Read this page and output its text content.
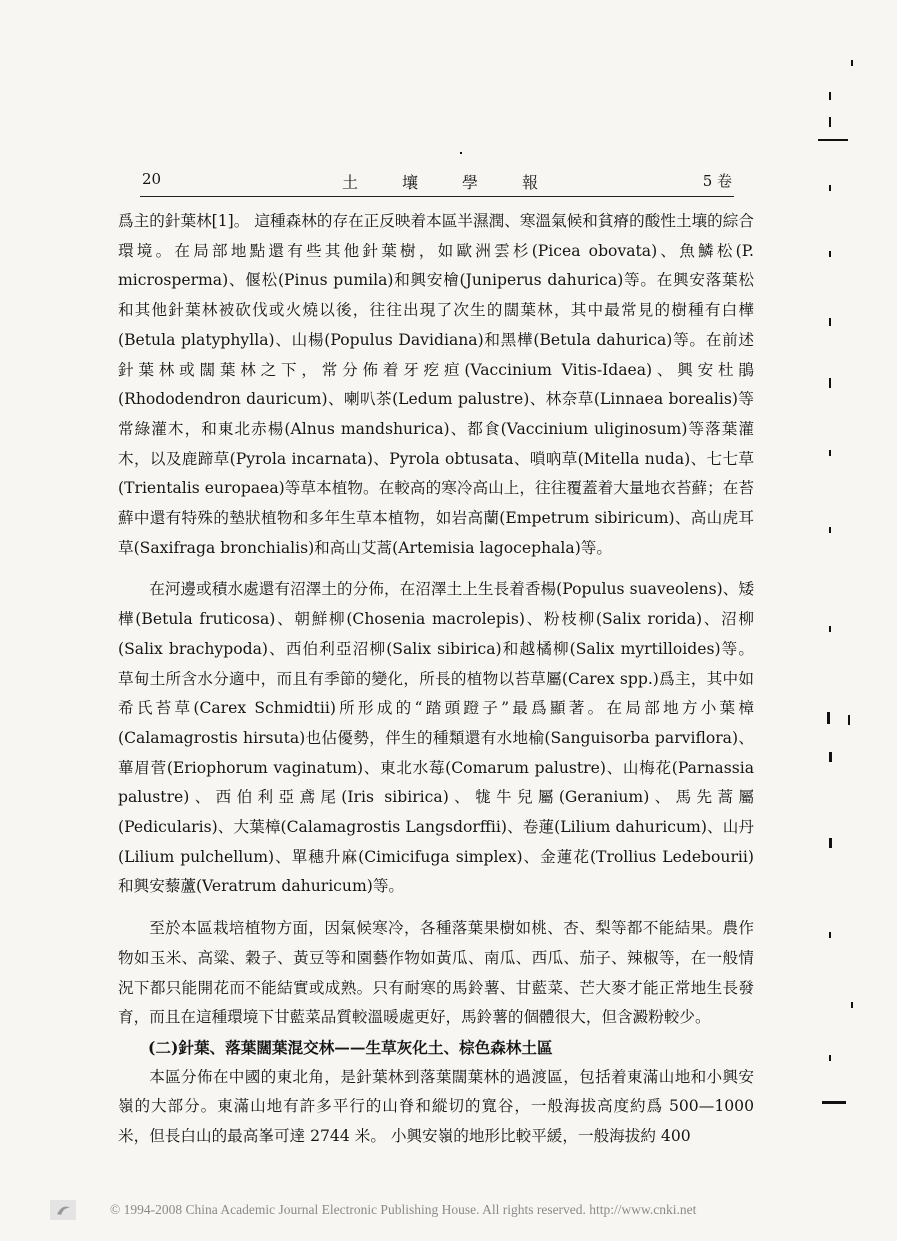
20	土壤學報	5 卷

爲主的針葉林[1]。 這種森林的存在正反映着本區半濕潤、寒溫氣候和貧瘠的酸性土壤的綜合環境。在局部地點還有些其他針葉樹，如歐洲雲杉(Picea obovata)、魚鱗松(P. microsperma)、偃松(Pinus pumila)和興安檜(Juniperus dahurica)等。在興安落葉松和其他針葉林被砍伐或火燒以後，往往出現了次生的闊葉林，其中最常見的樹種有白樺(Betula platyphylla)、山楊(Populus Davidiana)和黑樺(Betula dahurica)等。在前述針葉林或闊葉林之下，常分佈着牙疙疸(Vaccinium Vitis-Idaea)、興安杜鵑(Rhododendron dauricum)、喇叭茶(Ledum palustre)、林奈草(Linnaea borealis)等常綠灌木，和東北赤楊(Alnus mandshurica)、都食(Vaccinium uliginosum)等落葉灌木，以及鹿蹄草(Pyrola incarnata)、Pyrola obtusata、嗩吶草(Mitella nuda)、七七草(Trientalis europaea)等草本植物。在較高的寒冷高山上，往往覆蓋着大量地衣苔蘚；在苔蘚中還有特殊的墊狀植物和多年生草本植物，如岩高蘭(Empetrum sibiricum)、高山虎耳草(Saxifraga bronchialis)和高山艾蒿(Artemisia lagocephala)等。

在河邊或積水處還有沼澤土的分佈，在沼澤土上生長着香楊(Populus suaveolens)、矮樺(Betula fruticosa)、朝鮮柳(Chosenia macrolepis)、粉枝柳(Salix rorida)、沼柳(Salix brachypoda)、西伯利亞沼柳(Salix sibirica)和越橘柳(Salix myrtilloides)等。 草甸土所含水分適中，而且有季節的變化，所長的植物以苔草屬(Carex spp.)爲主，其中如希氏苔草(Carex Schmidtii)所形成的“踏頭蹬子”最爲顯著。在局部地方小葉樟(Calamagrostis hirsuta)也佔優勢，伴生的種類還有水地榆(Sanguisorba parviflora)、蓽眉菅(Eriophorum vaginatum)、東北水莓(Comarum palustre)、山梅花(Parnassia palustre)、西伯利亞鳶尾(Iris sibirica)、牻牛兒屬(Geranium)、馬先蒿屬(Pedicularis)、大葉樟(Calamagrostis Langsdorffii)、卷蓮(Lilium dahuricum)、山丹(Lilium pulchellum)、單穗升麻(Cimicifuga simplex)、金蓮花(Trollius Ledebourii)和興安藜蘆(Veratrum dahuricum)等。

至於本區栽培植物方面，因氣候寒冷，各種落葉果樹如桃、杏、梨等都不能結果。農作物如玉米、高粱、穀子、黃豆等和園藝作物如黃瓜、南瓜、西瓜、茄子、辣椒等，在一般情況下都只能開花而不能結實或成熟。只有耐寒的馬鈴薯、甘藍菜、芒大麥才能正常地生長發育，而且在這種環境下甘藍菜品質較溫暖處更好，馬鈴薯的個體很大，但含澱粉較少。

(二)針葉、落葉闊葉混交林——生草灰化土、棕色森林土區

本區分佈在中國的東北角，是針葉林到落葉闊葉林的過渡區，包括着東滿山地和小興安嶺的大部分。東滿山地有許多平行的山脊和縱切的寬谷，一般海拔高度約爲 500—1000 米，但長白山的最高峯可達 2744 米。 小興安嶺的地形比較平緩，一般海拔約 400

© 1994-2008 China Academic Journal Electronic Publishing House. All rights reserved. http://www.cnki.net
